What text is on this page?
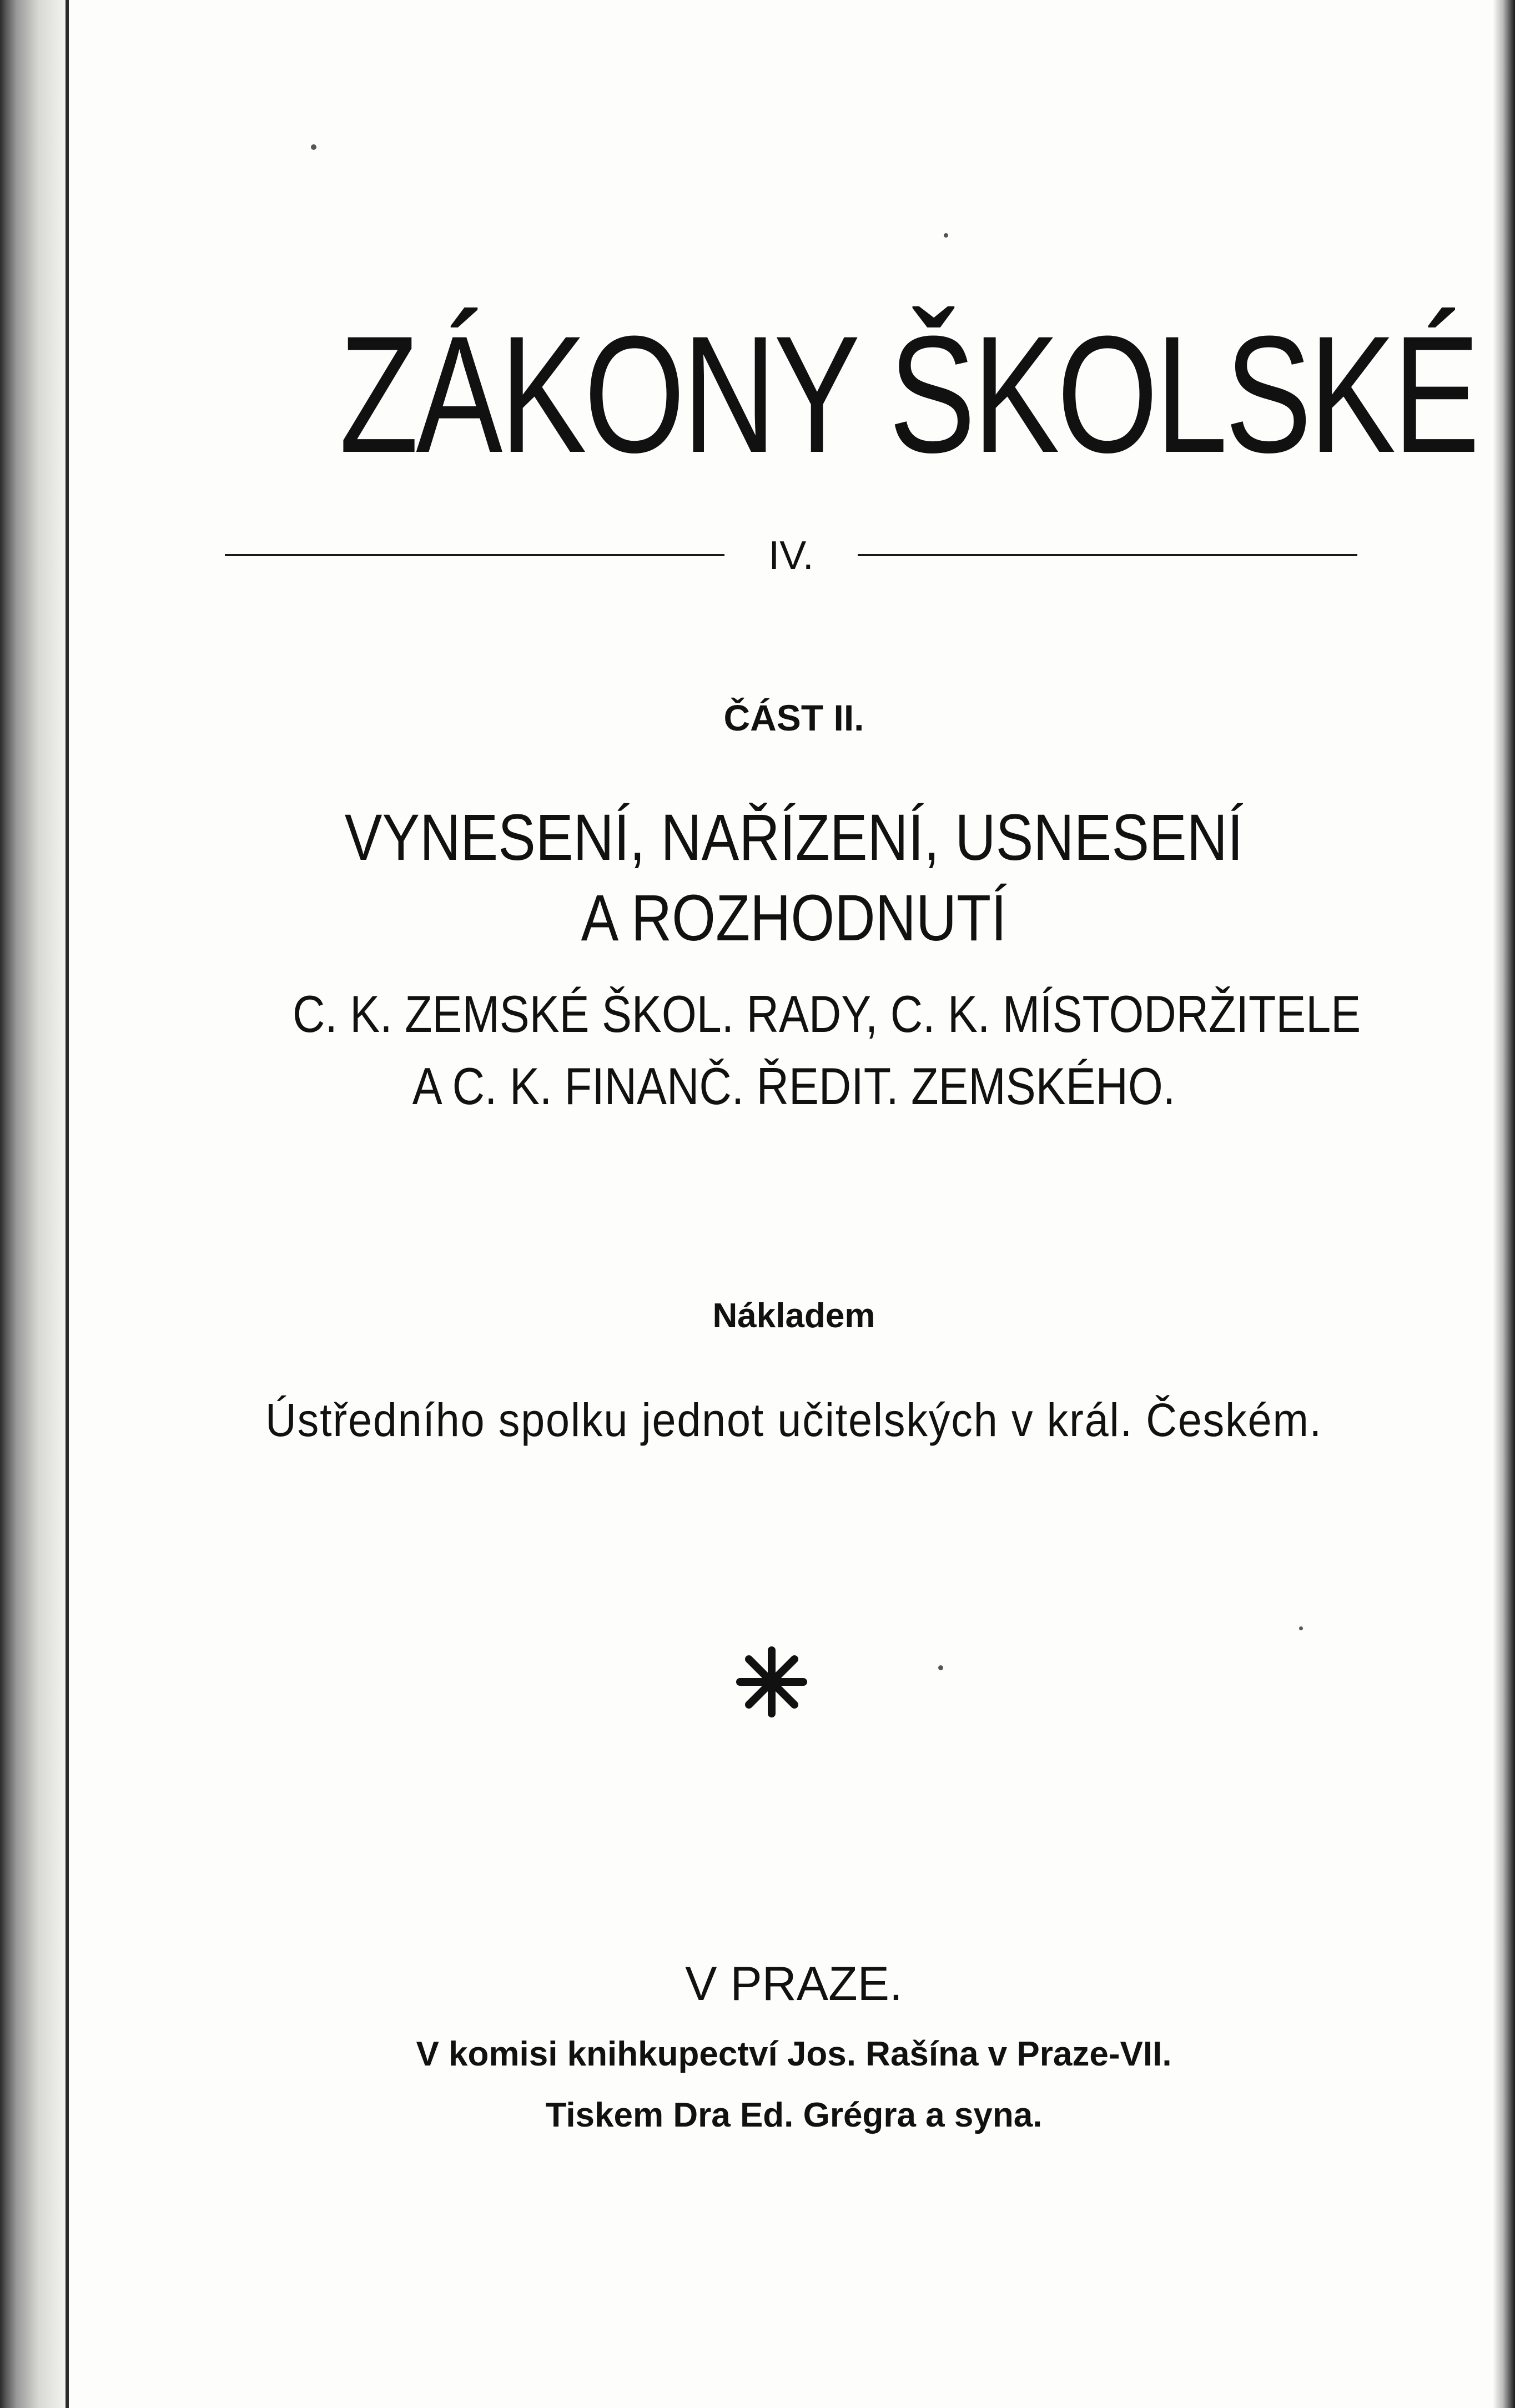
ZÁKONY ŠKOLSKÉ
IV.
ČÁST II.
VYNESENÍ, NAŘÍZENÍ, USNESENÍ
A ROZHODNUTÍ
C. K. ZEMSKÉ ŠKOL. RADY, C. K. MÍSTODRŽITELE
A C. K. FINANČ. ŘEDIT. ZEMSKÉHO.
Nákladem
Ústředního spolku jednot učitelských v král. Českém.
V PRAZE.
V komisi knihkupectví Jos. Rašína v Praze-VII.
Tiskem Dra Ed. Grégra a syna.
